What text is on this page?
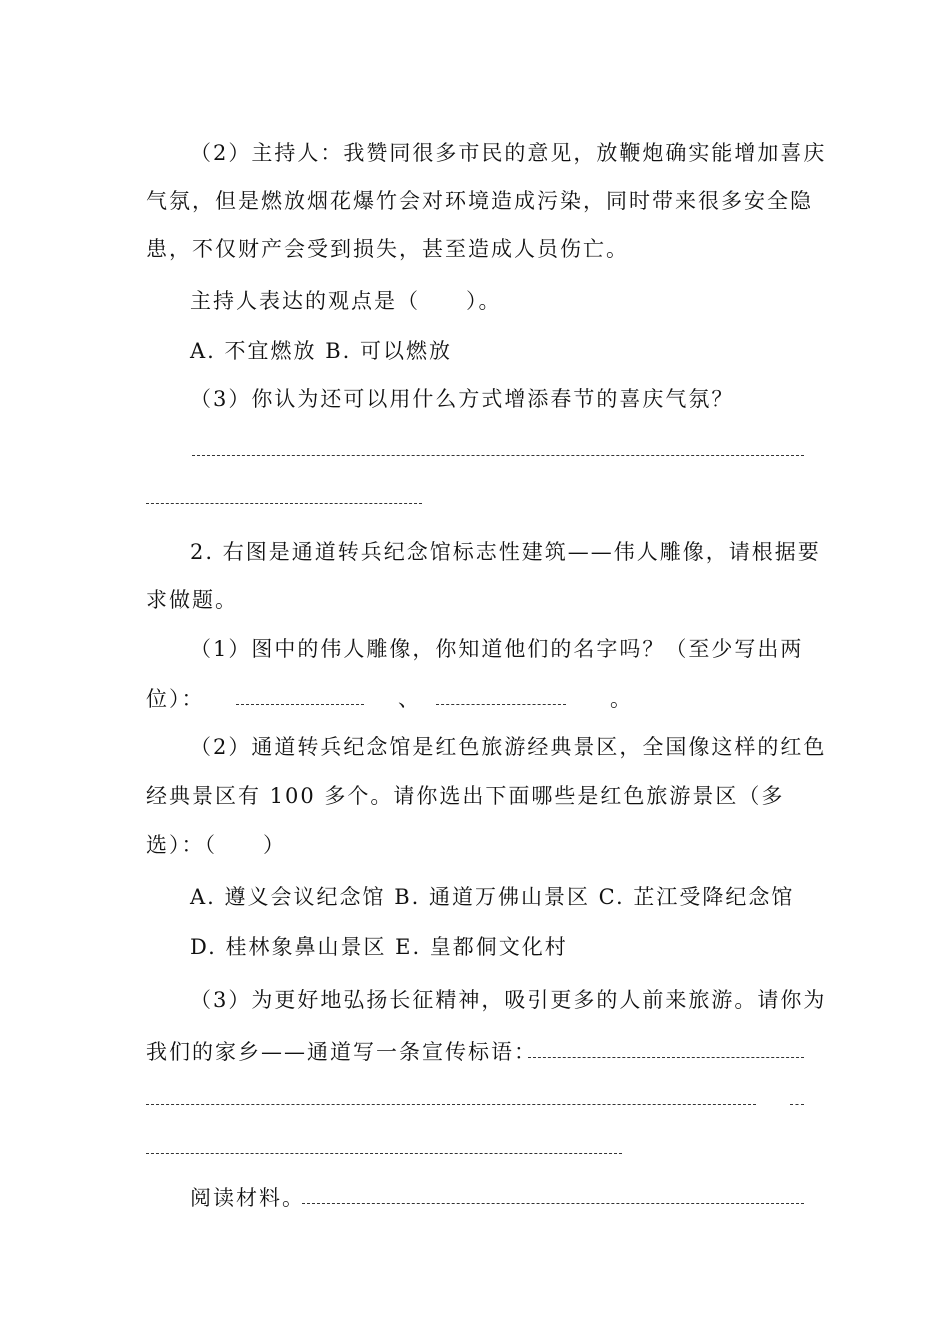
（2）主持人：我赞同很多市民的意见，放鞭炮确实能增加喜庆
气氛，但是燃放烟花爆竹会对环境造成污染，同时带来很多安全隐
患，不仅财产会受到损失，甚至造成人员伤亡。
主持人表达的观点是（　　）。
A. 不宜燃放 B. 可以燃放
（3）你认为还可以用什么方式增添春节的喜庆气氛？
2. 右图是通道转兵纪念馆标志性建筑——伟人雕像，请根据要
求做题。
（1）图中的伟人雕像，你知道他们的名字吗？（至少写出两
位）：	、	。
（2）通道转兵纪念馆是红色旅游经典景区，全国像这样的红色
经典景区有 100 多个。请你选出下面哪些是红色旅游景区（多
选）：（　　）
A. 遵义会议纪念馆 B. 通道万佛山景区 C. 芷江受降纪念馆
D. 桂林象鼻山景区 E. 皇都侗文化村
（3）为更好地弘扬长征精神，吸引更多的人前来旅游。请你为
我们的家乡——通道写一条宣传标语：
阅读材料。
